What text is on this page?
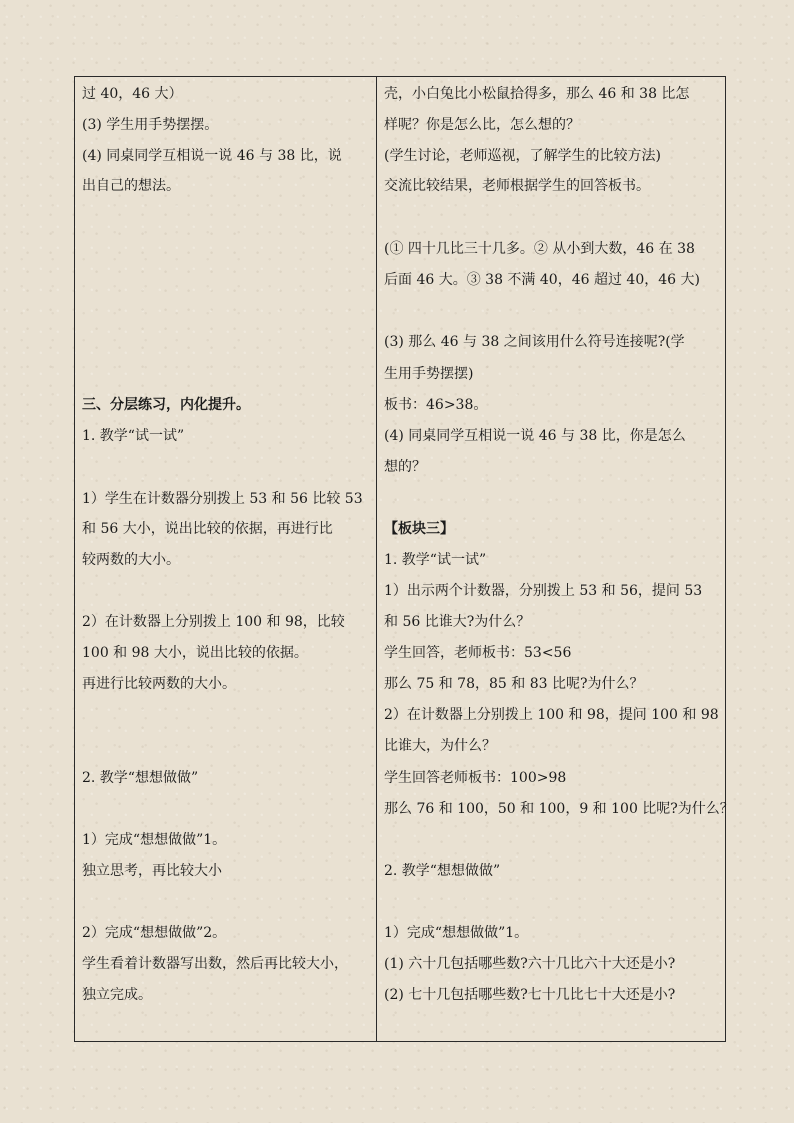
过 40，46 大）
(3) 学生用手势摆摆。
(4) 同桌同学互相说一说 46 与 38 比，说
出自己的想法。
三、分层练习，内化提升。
1. 教学“试一试”
1）学生在计数器分别拨上 53 和 56 比较 53
和 56 大小，说出比较的依据，再进行比
较两数的大小。
2）在计数器上分别拨上 100 和 98，比较
100 和 98 大小，说出比较的依据。
再进行比较两数的大小。
2. 教学“想想做做”
1）完成“想想做做”1。
独立思考，再比较大小
2）完成“想想做做”2。
学生看着计数器写出数，然后再比较大小，
独立完成。
壳，小白兔比小松鼠拾得多，那么 46 和 38 比怎
样呢？你是怎么比，怎么想的？
(学生讨论，老师巡视，了解学生的比较方法)
交流比较结果，老师根据学生的回答板书。
(① 四十几比三十几多。② 从小到大数，46 在 38
后面 46 大。③ 38 不满 40，46 超过 40，46 大)
(3) 那么 46 与 38 之间该用什么符号连接呢?(学
生用手势摆摆)
板书：46>38。
(4) 同桌同学互相说一说 46 与 38 比，你是怎么
想的？
【板块三】
1. 教学“试一试”
1）出示两个计数器，分别拨上 53 和 56，提问 53
和 56 比谁大?为什么？
学生回答，老师板书：53<56
那么 75 和 78，85 和 83 比呢?为什么？
2）在计数器上分别拨上 100 和 98，提问 100 和 98
比谁大，为什么？
学生回答老师板书：100>98
那么 76 和 100，50 和 100，9 和 100 比呢?为什么？
2. 教学“想想做做”
1）完成“想想做做”1。
(1) 六十几包括哪些数?六十几比六十大还是小?
(2) 七十几包括哪些数?七十几比七十大还是小?
